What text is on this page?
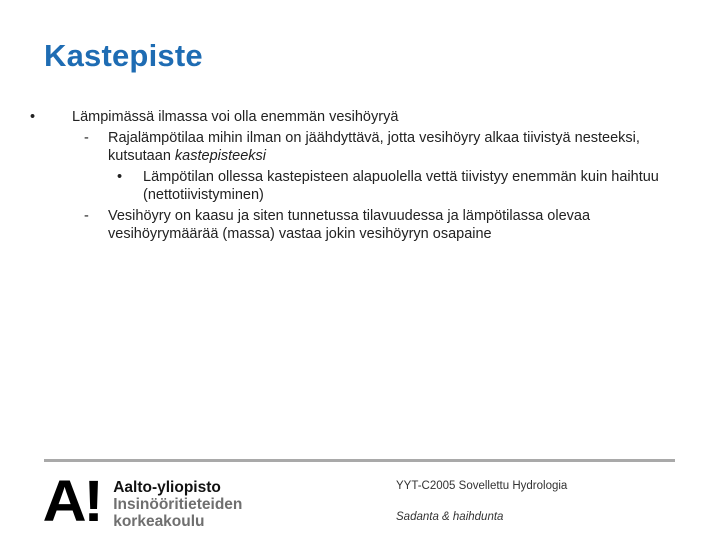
Kastepiste
•	Lämpimässä ilmassa voi olla enemmän vesihöyryä
- Rajalämpötilaa mihin ilman on jäähdyttävä, jotta vesihöyry alkaa tiivistyä nesteeksi, kutsutaan kastepisteeksi
• Lämpötilan ollessa kastepisteen alapuolella vettä tiivistyy enemmän kuin haihtuu (nettotiivistyminen)
- Vesihöyry on kaasu ja siten tunnetussa tilavuudessa ja lämpötilassa olevaa vesihöyrymäärää (massa) vastaa jokin vesihöyryn osapaine
A! Aalto-yliopisto
Insinööritieteiden
korkeakoulu
YYT-C2005 Sovellettu Hydrologia
Sadanta & haihdunta
